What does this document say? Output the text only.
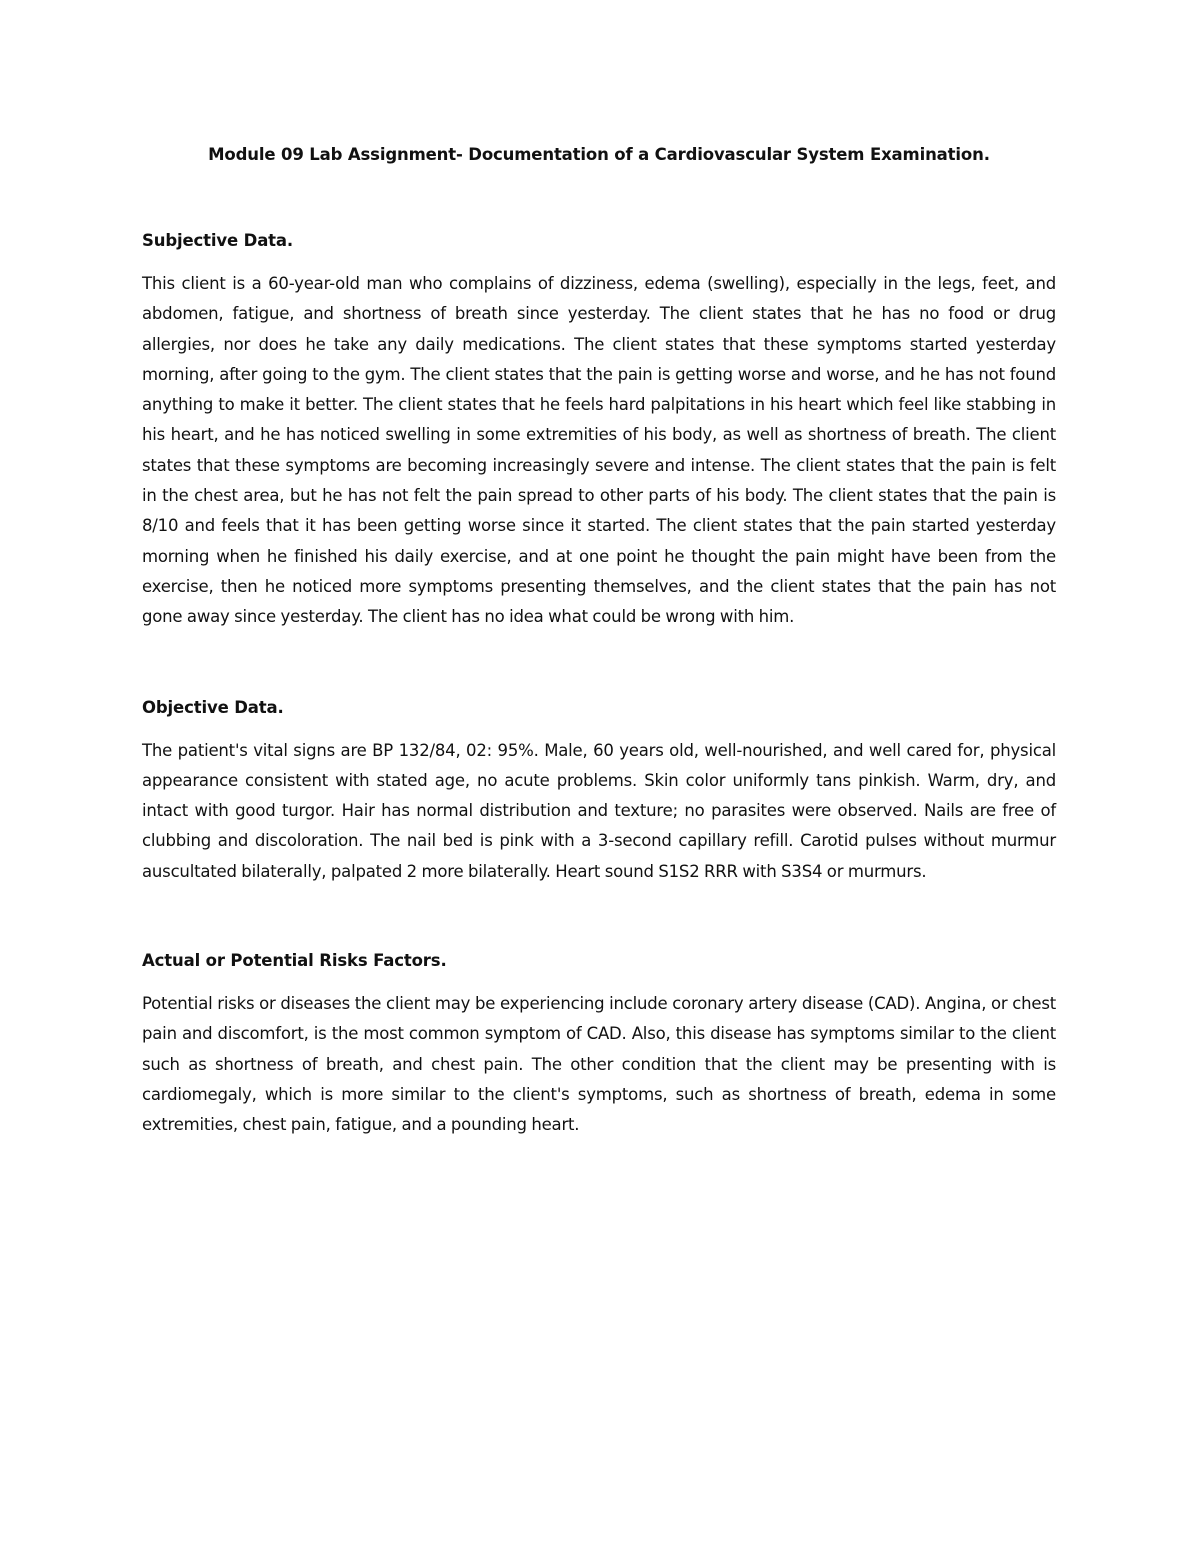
Module 09 Lab Assignment- Documentation of a Cardiovascular System Examination.
Subjective Data.

This client is a 60-year-old man who complains of dizziness, edema (swelling), especially in the legs, feet, and abdomen, fatigue, and shortness of breath since yesterday. The client states that he has no food or drug allergies, nor does he take any daily medications. The client states that these symptoms started yesterday morning, after going to the gym. The client states that the pain is getting worse and worse, and he has not found anything to make it better. The client states that he feels hard palpitations in his heart which feel like stabbing in his heart, and he has noticed swelling in some extremities of his body, as well as shortness of breath. The client states that these symptoms are becoming increasingly severe and intense. The client states that the pain is felt in the chest area, but he has not felt the pain spread to other parts of his body. The client states that the pain is 8/10 and feels that it has been getting worse since it started. The client states that the pain started yesterday morning when he finished his daily exercise, and at one point he thought the pain might have been from the exercise, then he noticed more symptoms presenting themselves, and the client states that the pain has not gone away since yesterday. The client has no idea what could be wrong with him.

Objective Data.

The patient's vital signs are BP 132/84, 02: 95%. Male, 60 years old, well-nourished, and well cared for, physical appearance consistent with stated age, no acute problems. Skin color uniformly tans pinkish. Warm, dry, and intact with good turgor. Hair has normal distribution and texture; no parasites were observed. Nails are free of clubbing and discoloration. The nail bed is pink with a 3-second capillary refill. Carotid pulses without murmur auscultated bilaterally, palpated 2 more bilaterally. Heart sound S1S2 RRR with S3S4 or murmurs.

Actual or Potential Risks Factors.

Potential risks or diseases the client may be experiencing include coronary artery disease (CAD). Angina, or chest pain and discomfort, is the most common symptom of CAD. Also, this disease has symptoms similar to the client such as shortness of breath, and chest pain. The other condition that the client may be presenting with is cardiomegaly, which is more similar to the client's symptoms, such as shortness of breath, edema in some extremities, chest pain, fatigue, and a pounding heart.
